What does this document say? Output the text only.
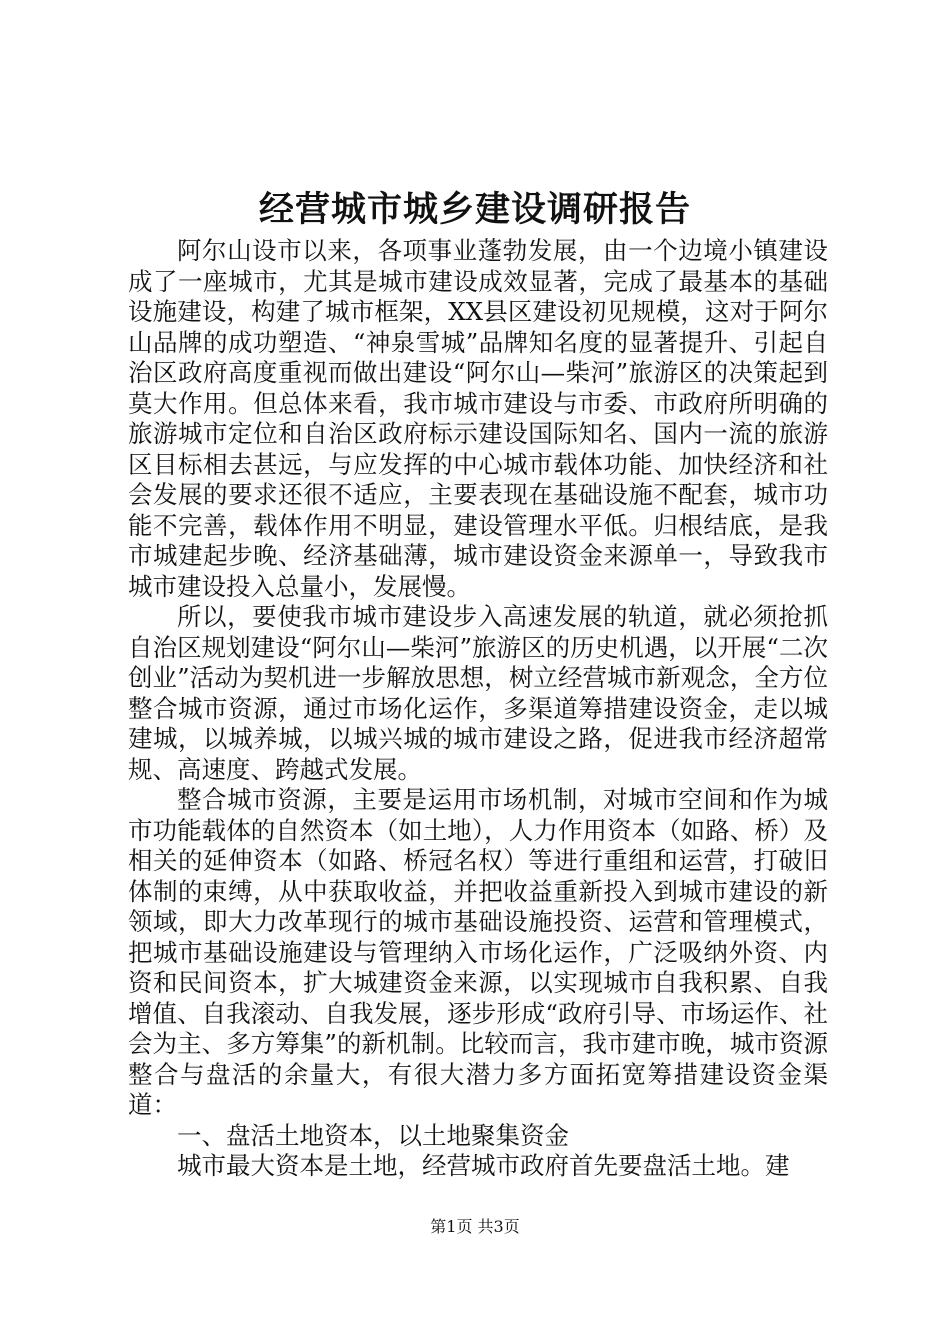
经营城市城乡建设调研报告

阿尔山设市以来，各项事业蓬勃发展，由一个边境小镇建设成了一座城市，尤其是城市建设成效显著，完成了最基本的基础设施建设，构建了城市框架，XX县区建设初见规模，这对于阿尔山品牌的成功塑造、“神泉雪城”品牌知名度的显著提升、引起自治区政府高度重视而做出建设“阿尔山—柴河”旅游区的决策起到莫大作用。但总体来看，我市城市建设与市委、市政府所明确的旅游城市定位和自治区政府标示建设国际知名、国内一流的旅游区目标相去甚远，与应发挥的中心城市载体功能、加快经济和社会发展的要求还很不适应，主要表现在基础设施不配套，城市功能不完善，载体作用不明显，建设管理水平低。归根结底，是我市城建起步晚、经济基础薄，城市建设资金来源单一，导致我市城市建设投入总量小，发展慢。

所以，要使我市城市建设步入高速发展的轨道，就必须抢抓自治区规划建设“阿尔山—柴河”旅游区的历史机遇，以开展“二次创业”活动为契机进一步解放思想，树立经营城市新观念，全方位整合城市资源，通过市场化运作，多渠道筹措建设资金，走以城建城，以城养城，以城兴城的城市建设之路，促进我市经济超常规、高速度、跨越式发展。

整合城市资源，主要是运用市场机制，对城市空间和作为城市功能载体的自然资本（如土地），人力作用资本（如路、桥）及相关的延伸资本（如路、桥冠名权）等进行重组和运营，打破旧体制的束缚，从中获取收益，并把收益重新投入到城市建设的新领域，即大力改革现行的城市基础设施投资、运营和管理模式，把城市基础设施建设与管理纳入市场化运作，广泛吸纳外资、内资和民间资本，扩大城建资金来源，以实现城市自我积累、自我增值、自我滚动、自我发展，逐步形成“政府引导、市场运作、社会为主、多方筹集”的新机制。比较而言，我市建市晚，城市资源整合与盘活的余量大，有很大潜力多方面拓宽筹措建设资金渠道：

一、盘活土地资本，以土地聚集资金

城市最大资本是土地，经营城市政府首先要盘活土地。建

第1页 共3页
